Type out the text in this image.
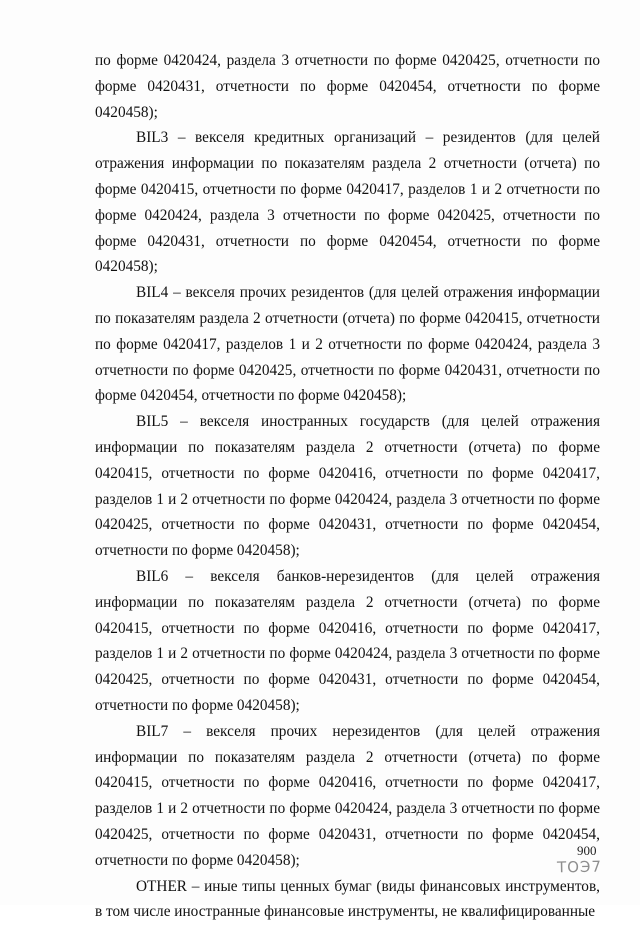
по форме 0420424, раздела 3 отчетности по форме 0420425, отчетности по форме 0420431, отчетности по форме 0420454, отчетности по форме 0420458);

BIL3 – векселя кредитных организаций – резидентов (для целей отражения информации по показателям раздела 2 отчетности (отчета) по форме 0420415, отчетности по форме 0420417, разделов 1 и 2 отчетности по форме 0420424, раздела 3 отчетности по форме 0420425, отчетности по форме 0420431, отчетности по форме 0420454, отчетности по форме 0420458);

BIL4 – векселя прочих резидентов (для целей отражения информации по показателям раздела 2 отчетности (отчета) по форме 0420415, отчетности по форме 0420417, разделов 1 и 2 отчетности по форме 0420424, раздела 3 отчетности по форме 0420425, отчетности по форме 0420431, отчетности по форме 0420454, отчетности по форме 0420458);

BIL5 – векселя иностранных государств (для целей отражения информации по показателям раздела 2 отчетности (отчета) по форме 0420415, отчетности по форме 0420416, отчетности по форме 0420417, разделов 1 и 2 отчетности по форме 0420424, раздела 3 отчетности по форме 0420425, отчетности по форме 0420431, отчетности по форме 0420454, отчетности по форме 0420458);

BIL6 – векселя банков-нерезидентов (для целей отражения информации по показателям раздела 2 отчетности (отчета) по форме 0420415, отчетности по форме 0420416, отчетности по форме 0420417, разделов 1 и 2 отчетности по форме 0420424, раздела 3 отчетности по форме 0420425, отчетности по форме 0420431, отчетности по форме 0420454, отчетности по форме 0420458);

BIL7 – векселя прочих нерезидентов (для целей отражения информации по показателям раздела 2 отчетности (отчета) по форме 0420415, отчетности по форме 0420416, отчетности по форме 0420417, разделов 1 и 2 отчетности по форме 0420424, раздела 3 отчетности по форме 0420425, отчетности по форме 0420431, отчетности по форме 0420454, отчетности по форме 0420458);

OTHER – иные типы ценных бумаг (виды финансовых инструментов, в том числе иностранные финансовые инструменты, не квалифицированные

900
ТОЭ7
